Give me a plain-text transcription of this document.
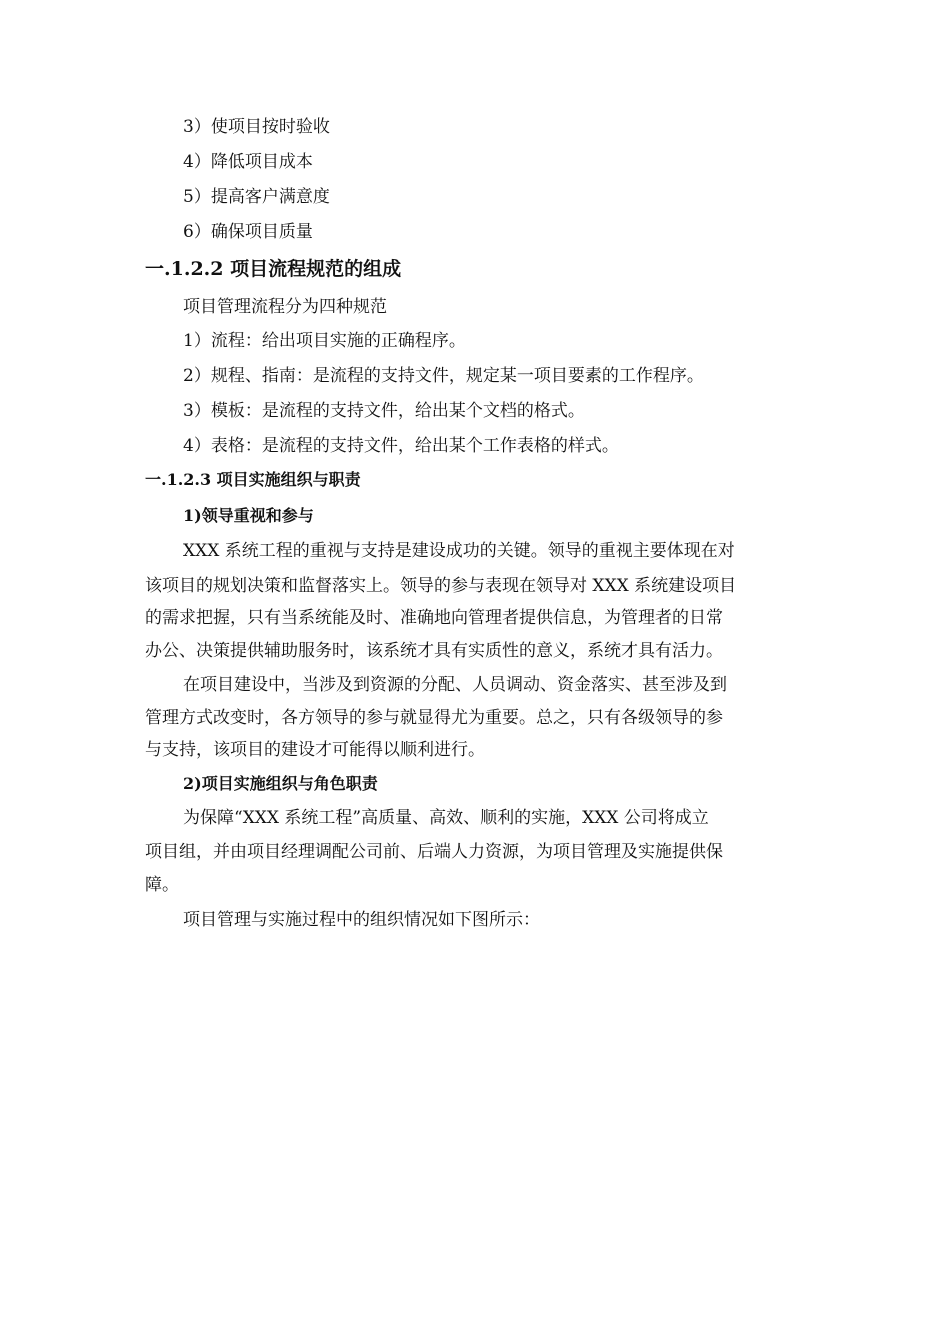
3）使项目按时验收
4）降低项目成本
5）提高客户满意度
6）确保项目质量
一.1.2.2 项目流程规范的组成
项目管理流程分为四种规范
1）流程：给出项目实施的正确程序。
2）规程、指南：是流程的支持文件，规定某一项目要素的工作程序。
3）模板：是流程的支持文件，给出某个文档的格式。
4）表格：是流程的支持文件，给出某个工作表格的样式。
一.1.2.3 项目实施组织与职责
1)领导重视和参与
XXX 系统工程的重视与支持是建设成功的关键。领导的重视主要体现在对
该项目的规划决策和监督落实上。领导的参与表现在领导对 XXX 系统建设项目
的需求把握，只有当系统能及时、准确地向管理者提供信息，为管理者的日常
办公、决策提供辅助服务时，该系统才具有实质性的意义，系统才具有活力。
在项目建设中，当涉及到资源的分配、人员调动、资金落实、甚至涉及到
管理方式改变时，各方领导的参与就显得尤为重要。总之，只有各级领导的参
与支持，该项目的建设才可能得以顺利进行。
2)项目实施组织与角色职责
为保障“XXX 系统工程”高质量、高效、顺利的实施，XXX 公司将成立
项目组，并由项目经理调配公司前、后端人力资源，为项目管理及实施提供保
障。
项目管理与实施过程中的组织情况如下图所示：
